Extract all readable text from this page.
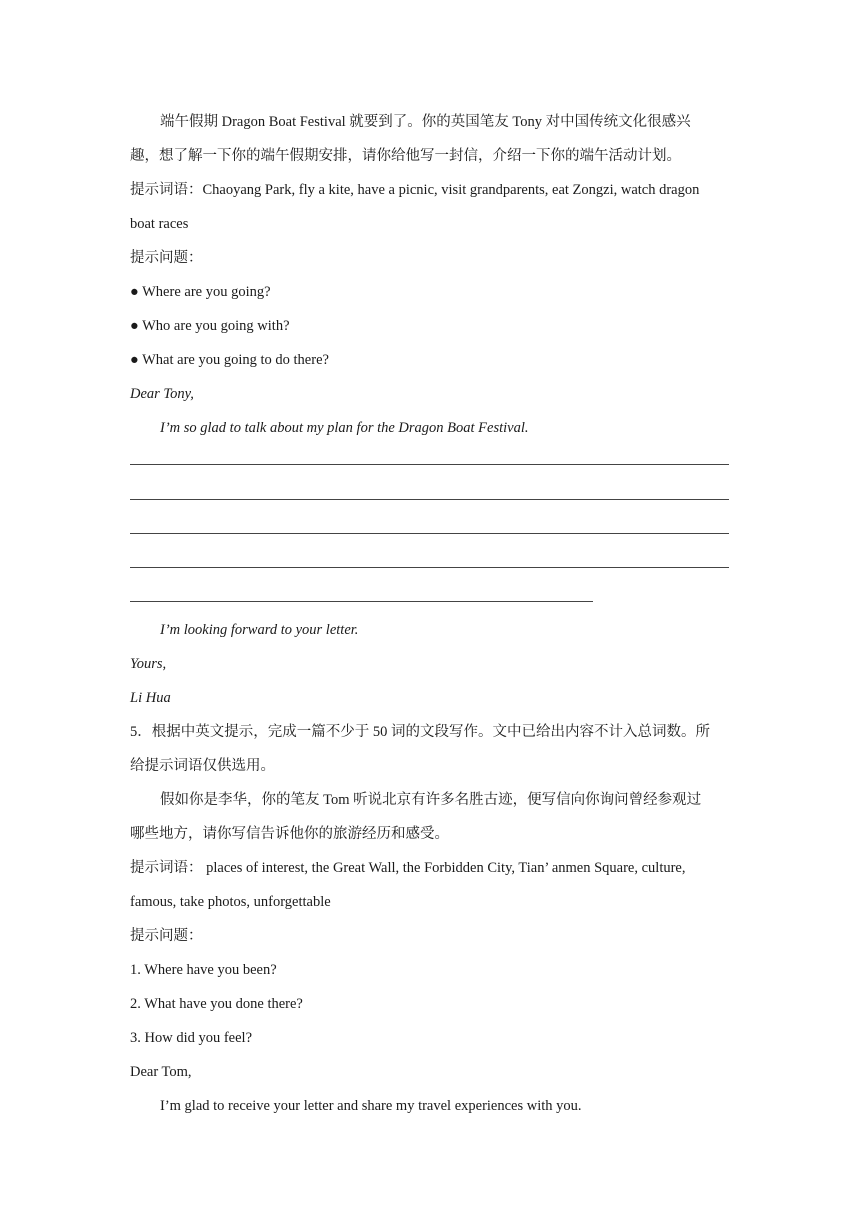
端午假期 Dragon Boat Festival 就要到了。你的英国笔友 Tony 对中国传统文化很感兴
趣，想了解一下你的端午假期安排，请你给他写一封信，介绍一下你的端午活动计划。
提示词语：Chaoyang Park, fly a kite, have a picnic, visit grandparents, eat Zongzi, watch dragon
boat races
提示问题：
● Where are you going?
● Who are you going with?
● What are you going to do there?
Dear Tony,
I’m so glad to talk about my plan for the Dragon Boat Festival.
I’m looking forward to your letter.
Yours,
Li Hua
5．根据中英文提示，完成一篇不少于 50 词的文段写作。文中已给出内容不计入总词数。所
给提示词语仅供选用。
假如你是李华，你的笔友 Tom 听说北京有许多名胜古迹，便写信向你询问曾经参观过
哪些地方，请你写信告诉他你的旅游经历和感受。
提示词语： places of interest, the Great Wall, the Forbidden City, Tian’ anmen Square, culture,
famous, take photos, unforgettable
提示问题：
1. Where have you been?
2. What have you done there?
3. How did you feel?
Dear Tom,
I’m glad to receive your letter and share my travel experiences with you.
